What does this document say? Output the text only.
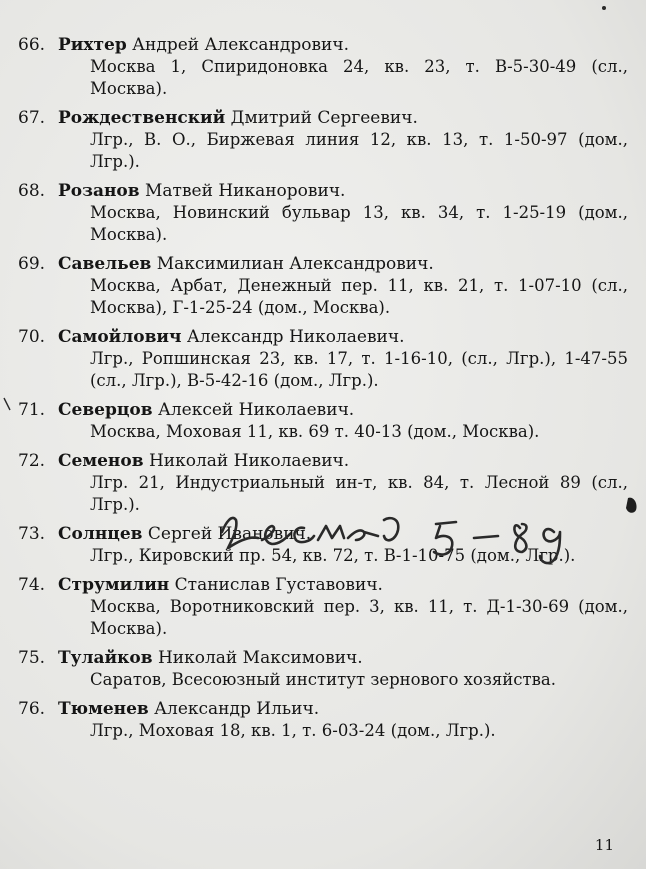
66. Рихтер Андрей Александрович.
Москва 1, Спиридоновка 24, кв. 23, т. В-5-30-49 (сл., Москва).
67. Рождественский Дмитрий Сергеевич.
Лгр., В. О., Биржевая линия 12, кв. 13, т. 1-50-97 (дом., Лгр.).
68. Розанов Матвей Никанорович.
Москва, Новинский бульвар 13, кв. 34, т. 1-25-19 (дом., Москва).
69. Савельев Максимилиан Александрович.
Москва, Арбат, Денежный пер. 11, кв. 21, т. 1-07-10 (сл., Москва), Г-1-25-24 (дом., Москва).
70. Самойлович Александр Николаевич.
Лгр., Ропшинская 23, кв. 17, т. 1-16-10, (сл., Лгр.), 1-47-55 (сл., Лгр.), В-5-42-16 (дом., Лгр.).
71. Северцов Алексей Николаевич.
Москва, Моховая 11, кв. 69 т. 40-13 (дом., Москва).
72. Семенов Николай Николаевич.
Лгр. 21, Индустриальный ин-т, кв. 84, т. Лесной 89 (сл., Лгр.).
73. Солнцев Сергей Иванович.
Лгр., Кировский пр. 54, кв. 72, т. В-1-10-75 (дом., Лгр.).
74. Струмилин Станислав Густавович.
Москва, Воротниковский пер. 3, кв. 11, т. Д-1-30-69 (дом., Москва).
75. Тулайков Николай Максимович.
Саратов, Всесоюзный институт зернового хозяйства.
76. Тюменев Александр Ильич.
Лгр., Моховая 18, кв. 1, т. 6-03-24 (дом., Лгр.).
11
